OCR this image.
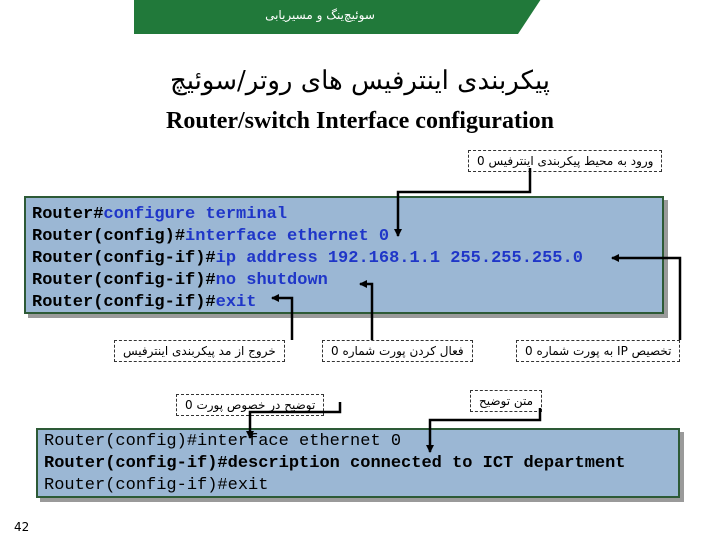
سوئیچ‌ینگ و مسیریابی
پیکربندی اینترفیس های روتر/سوئیچ
Router/switch Interface configuration
ورود به محیط پیکربندی اینترفیس 0
Router#configure terminal
Router(config)#interface ethernet 0
Router(config-if)#ip address 192.168.1.1 255.255.255.0
Router(config-if)#no shutdown
Router(config-if)#exit
خروج از مد پیکربندی اینترفیس	فعال کردن پورت شماره 0	تخصیص IP به پورت شماره 0
توضیح در خصوص پورت 0	متن توضیح
Router(config)#interface ethernet 0
Router(config-if)#description connected to ICT department
Router(config-if)#exit
42
